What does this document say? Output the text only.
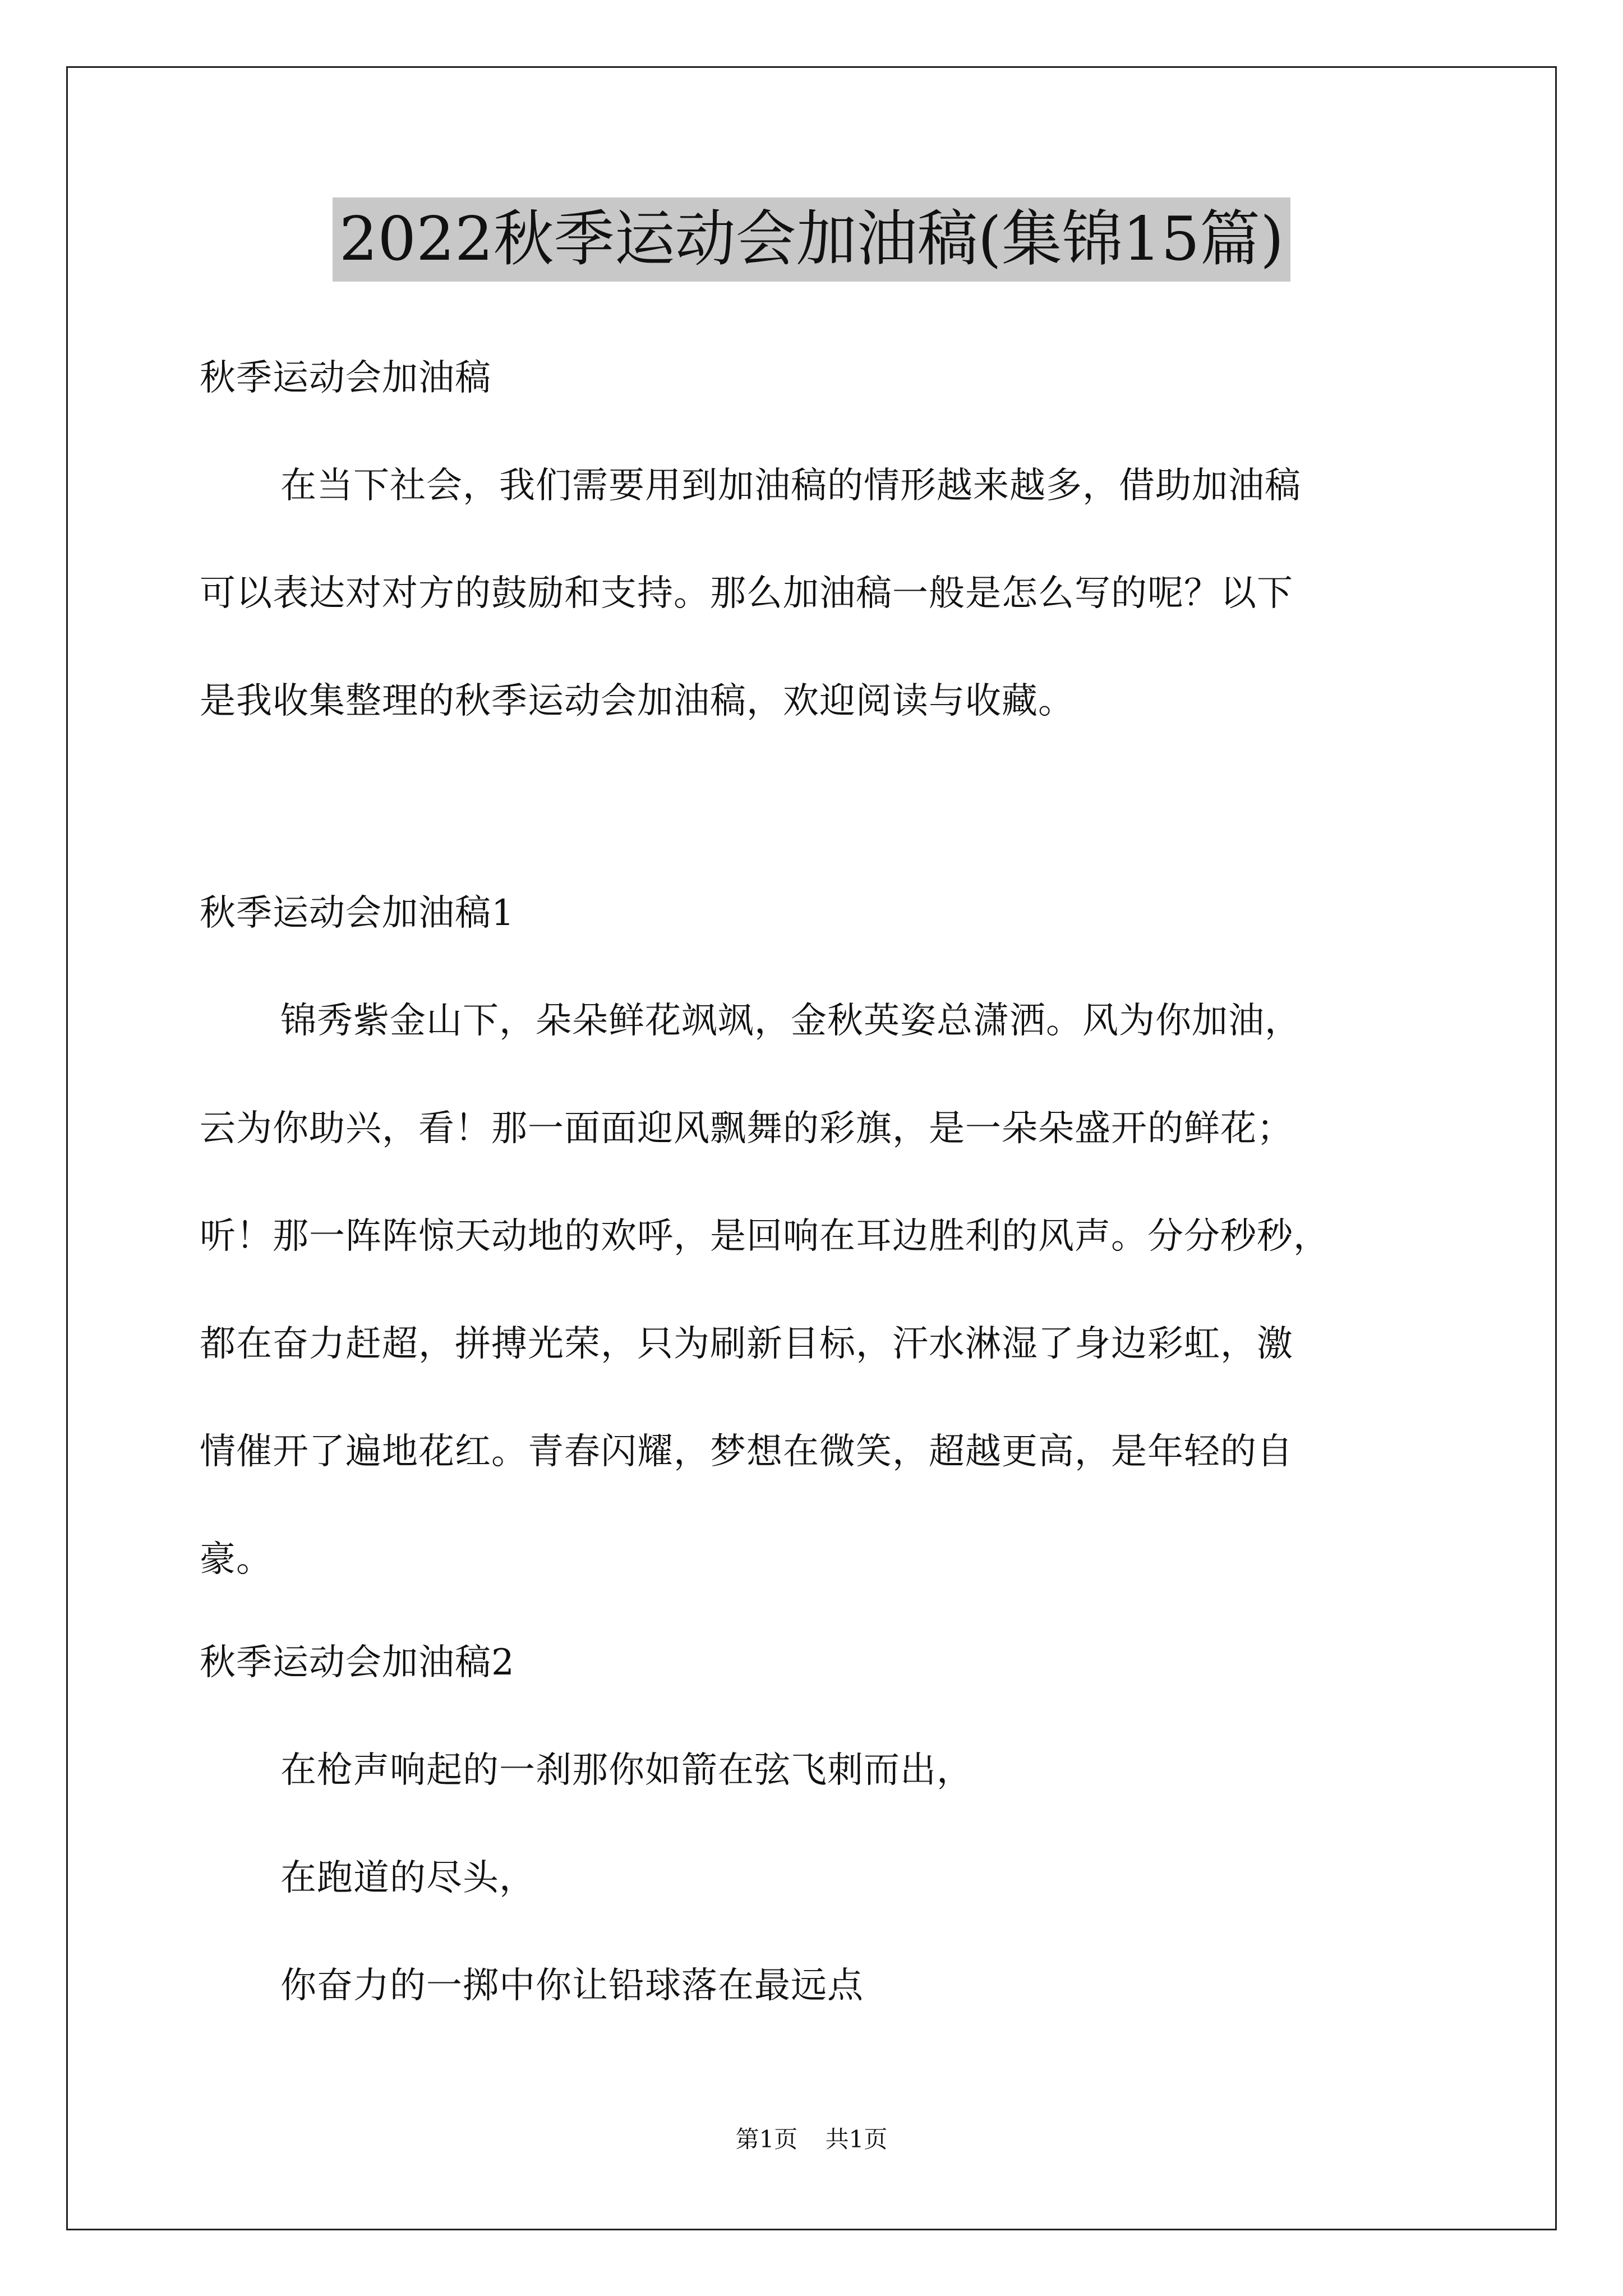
2022秋季运动会加油稿(集锦15篇)
秋季运动会加油稿
在当下社会，我们需要用到加油稿的情形越来越多，借助加油稿
可以表达对对方的鼓励和支持。那么加油稿一般是怎么写的呢？以下
是我收集整理的秋季运动会加油稿，欢迎阅读与收藏。
秋季运动会加油稿1
锦秀紫金山下，朵朵鲜花飒飒，金秋英姿总潇洒。风为你加油，
云为你助兴，看！那一面面迎风飘舞的彩旗，是一朵朵盛开的鲜花；
听！那一阵阵惊天动地的欢呼，是回响在耳边胜利的风声。分分秒秒，
都在奋力赶超，拼搏光荣，只为刷新目标，汗水淋湿了身边彩虹，激
情催开了遍地花红。青春闪耀，梦想在微笑，超越更高，是年轻的自
豪。
秋季运动会加油稿2
在枪声响起的一刹那你如箭在弦飞刺而出，
在跑道的尽头，
你奋力的一掷中你让铅球落在最远点
第1页 共1页
